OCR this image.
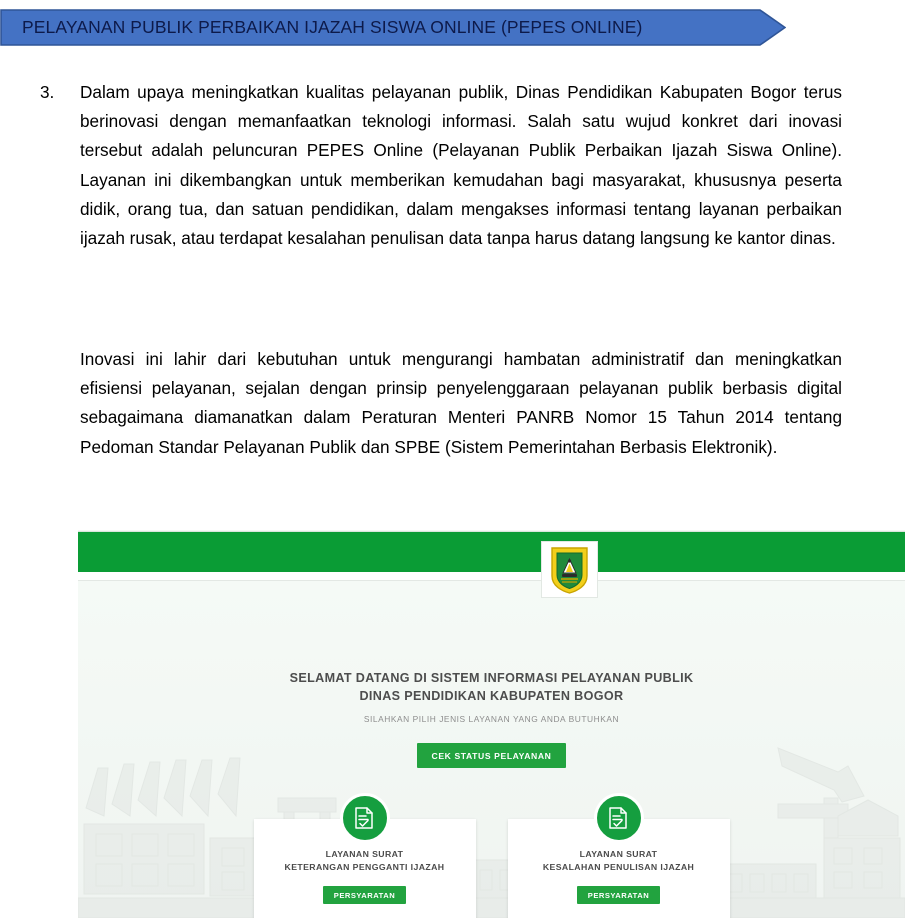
PELAYANAN PUBLIK PERBAIKAN IJAZAH SISWA ONLINE (PEPES ONLINE)
3.	Dalam upaya meningkatkan kualitas pelayanan publik, Dinas Pendidikan Kabupaten Bogor terus berinovasi dengan memanfaatkan teknologi informasi. Salah satu wujud konkret dari inovasi tersebut adalah peluncuran PEPES Online (Pelayanan Publik Perbaikan Ijazah Siswa Online). Layanan ini dikembangkan untuk memberikan kemudahan bagi masyarakat, khususnya peserta didik, orang tua, dan satuan pendidikan, dalam mengakses informasi tentang layanan perbaikan ijazah rusak, atau terdapat kesalahan penulisan data tanpa harus datang langsung ke kantor dinas.
Inovasi ini lahir dari kebutuhan untuk mengurangi hambatan administratif dan meningkatkan efisiensi pelayanan, sejalan dengan prinsip penyelenggaraan pelayanan publik berbasis digital sebagaimana diamanatkan dalam Peraturan Menteri PANRB Nomor 15 Tahun 2014 tentang Pedoman Standar Pelayanan Publik dan SPBE (Sistem Pemerintahan Berbasis Elektronik).
SELAMAT DATANG DI SISTEM INFORMASI PELAYANAN PUBLIK
DINAS PENDIDIKAN KABUPATEN BOGOR
SILAHKAN PILIH JENIS LAYANAN YANG ANDA BUTUHKAN
CEK STATUS PELAYANAN
LAYANAN SURAT
KETERANGAN PENGGANTI IJAZAH
PERSYARATAN
LAYANAN SURAT
KESALAHAN PENULISAN IJAZAH
PERSYARATAN
